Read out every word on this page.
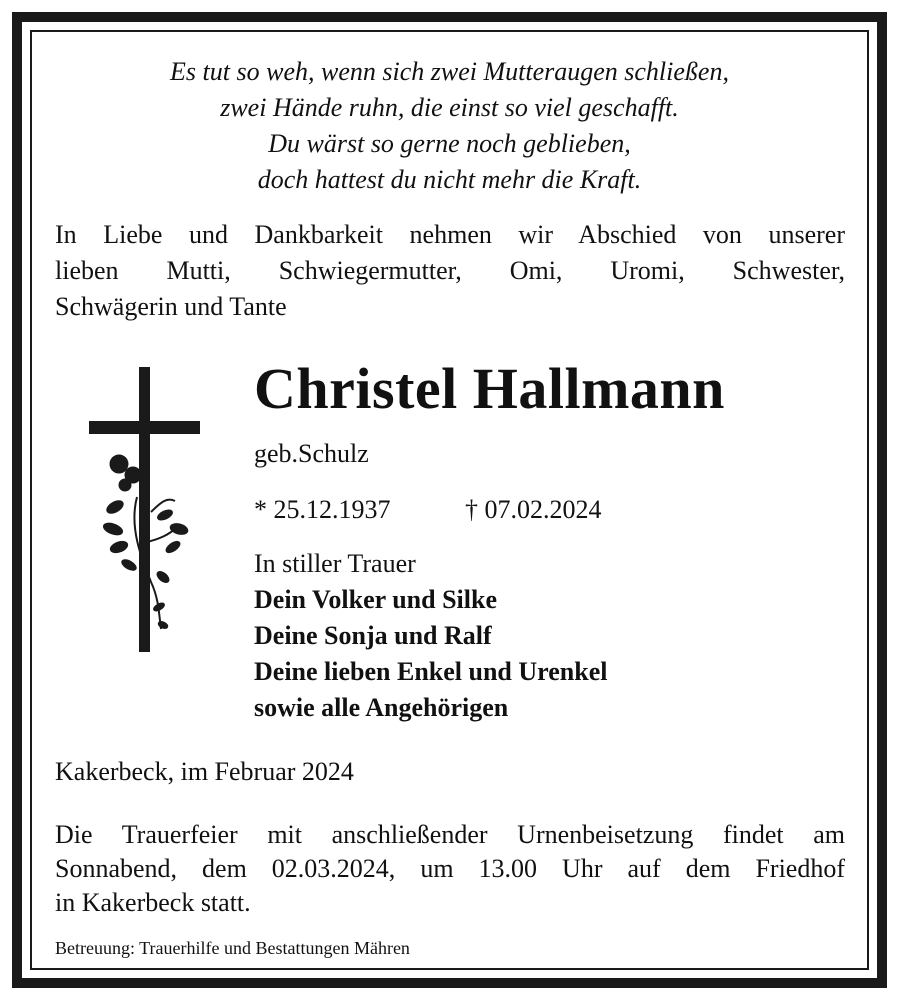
Es tut so weh, wenn sich zwei Mutteraugen schließen,
zwei Hände ruhn, die einst so viel geschafft.
Du wärst so gerne noch geblieben,
doch hattest du nicht mehr die Kraft.
In Liebe und Dankbarkeit nehmen wir Abschied von unserer
lieben Mutti, Schwiegermutter, Omi, Uromi, Schwester,
Schwägerin und Tante
Christel Hallmann
geb.Schulz
* 25.12.1937	† 07.02.2024
In stiller Trauer
Dein Volker und Silke
Deine Sonja und Ralf
Deine lieben Enkel und Urenkel
sowie alle Angehörigen
Kakerbeck, im Februar 2024
Die Trauerfeier mit anschließender Urnenbeisetzung findet am
Sonnabend, dem 02.03.2024, um 13.00 Uhr auf dem Friedhof
in Kakerbeck statt.
Betreuung: Trauerhilfe und Bestattungen Mähren
